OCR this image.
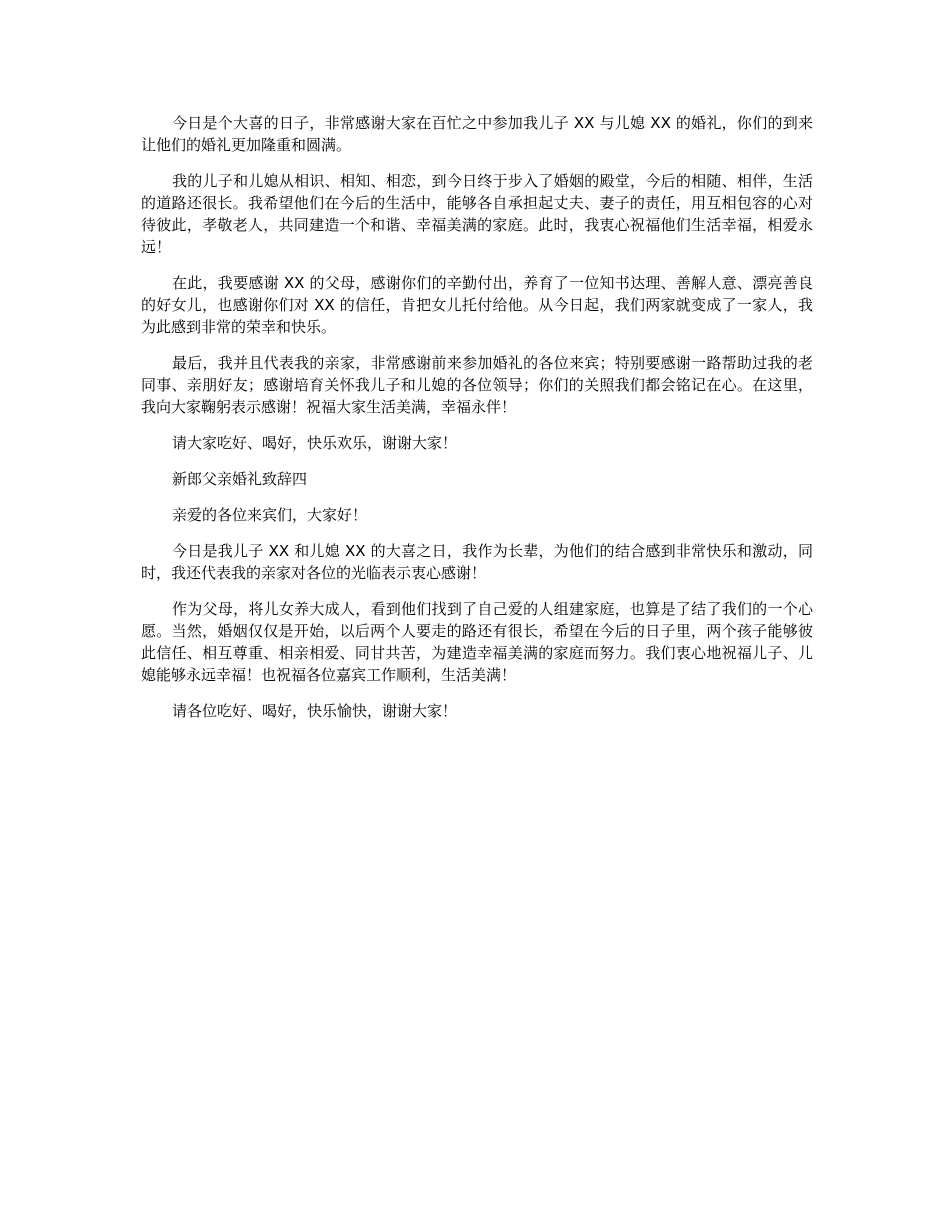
今日是个大喜的日子，非常感谢大家在百忙之中参加我儿子 XX 与儿媳 XX 的婚礼，你们的到来让他们的婚礼更加隆重和圆满。

我的儿子和儿媳从相识、相知、相恋，到今日终于步入了婚姻的殿堂，今后的相随、相伴，生活的道路还很长。我希望他们在今后的生活中，能够各自承担起丈夫、妻子的责任，用互相包容的心对待彼此，孝敬老人，共同建造一个和谐、幸福美满的家庭。此时，我衷心祝福他们生活幸福，相爱永远！

在此，我要感谢 XX 的父母，感谢你们的辛勤付出，养育了一位知书达理、善解人意、漂亮善良的好女儿，也感谢你们对 XX 的信任，肯把女儿托付给他。从今日起，我们两家就变成了一家人，我为此感到非常的荣幸和快乐。

最后，我并且代表我的亲家，非常感谢前来参加婚礼的各位来宾；特别要感谢一路帮助过我的老同事、亲朋好友；感谢培育关怀我儿子和儿媳的各位领导；你们的关照我们都会铭记在心。在这里，我向大家鞠躬表示感谢！祝福大家生活美满，幸福永伴！

请大家吃好、喝好，快乐欢乐，谢谢大家！

新郎父亲婚礼致辞四

亲爱的各位来宾们，大家好！

今日是我儿子 XX 和儿媳 XX 的大喜之日，我作为长辈，为他们的结合感到非常快乐和激动，同时，我还代表我的亲家对各位的光临表示衷心感谢！

作为父母，将儿女养大成人，看到他们找到了自己爱的人组建家庭，也算是了结了我们的一个心愿。当然，婚姻仅仅是开始，以后两个人要走的路还有很长，希望在今后的日子里，两个孩子能够彼此信任、相互尊重、相亲相爱、同甘共苦，为建造幸福美满的家庭而努力。我们衷心地祝福儿子、儿媳能够永远幸福！也祝福各位嘉宾工作顺利，生活美满！

请各位吃好、喝好，快乐愉快，谢谢大家！
